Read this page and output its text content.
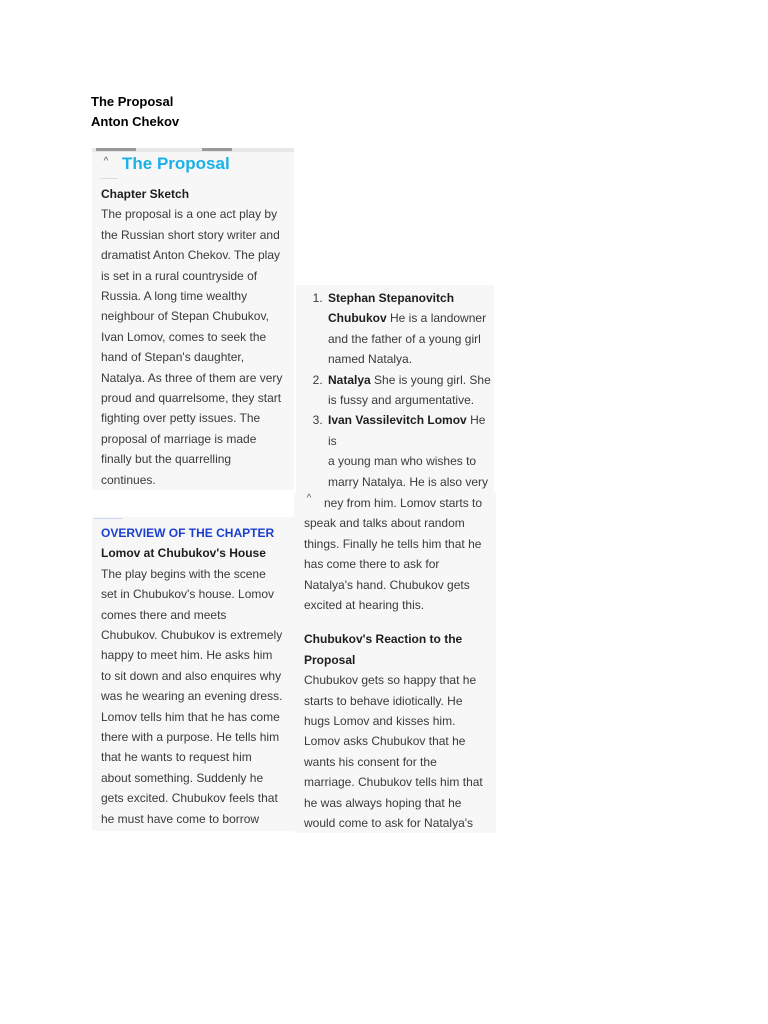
The Proposal
Anton Chekov
^ The Proposal
Chapter Sketch
The proposal is a one act play by
the Russian short story writer and
dramatist Anton Chekov. The play
is set in a rural countryside of
Russia. A long time wealthy
neighbour of Stepan Chubukov,
Ivan Lomov, comes to seek the
hand of Stepan's daughter,
Natalya. As three of them are very
proud and quarrelsome, they start
fighting over petty issues. The
proposal of marriage is made
finally but the quarrelling
continues.
1. Stephan Stepanovitch
Chubukov He is a landowner
and the father of a young girl
named Natalya.
2. Natalya She is young girl. She
is fussy and argumentative.
3. Ivan Vassilevitch Lomov He is
a young man who wishes to
marry Natalya. He is also very

OVERVIEW OF THE CHAPTER
Lomov at Chubukov's House
The play begins with the scene
set in Chubukov's house. Lomov
comes there and meets
Chubukov. Chubukov is extremely
happy to meet him. He asks him
to sit down and also enquires why
was he wearing an evening dress.
Lomov tells him that he has come
there with a purpose. He tells him
that he wants to request him
about something. Suddenly he
gets excited. Chubukov feels that
he must have come to borrow
^	ney from him. Lomov starts to
speak and talks about random
things. Finally he tells him that he
has come there to ask for
Natalya's hand. Chubukov gets
excited at hearing this.
Chubukov's Reaction to the
Proposal
Chubukov gets so happy that he
starts to behave idiotically. He
hugs Lomov and kisses him.
Lomov asks Chubukov that he
wants his consent for the
marriage. Chubukov tells him that
he was always hoping that he
would come to ask for Natalya's
